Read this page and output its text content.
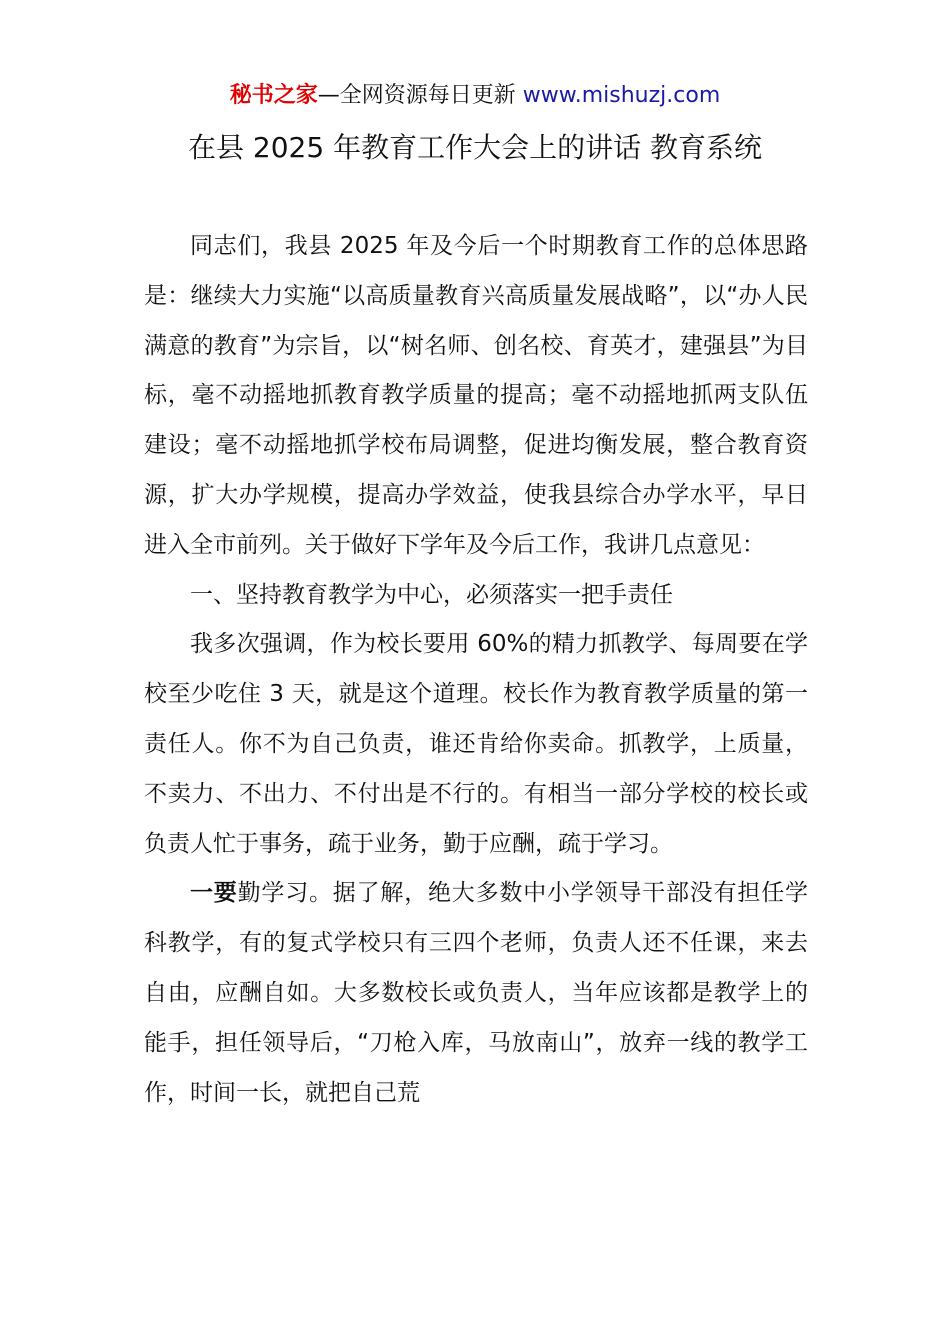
秘书之家—全网资源每日更新 www.mishuzj.com
在县 2025 年教育工作大会上的讲话 教育系统

同志们，我县 2025 年及今后一个时期教育工作的总体思路是：继续大力实施“以高质量教育兴高质量发展战略”，以“办人民满意的教育”为宗旨，以“树名师、创名校、育英才，建强县”为目标，毫不动摇地抓教育教学质量的提高；毫不动摇地抓两支队伍建设；毫不动摇地抓学校布局调整，促进均衡发展，整合教育资源，扩大办学规模，提高办学效益，使我县综合办学水平，早日进入全市前列。关于做好下学年及今后工作，我讲几点意见：

一、坚持教育教学为中心，必须落实一把手责任

我多次强调，作为校长要用 60%的精力抓教学、每周要在学校至少吃住 3 天，就是这个道理。校长作为教育教学质量的第一责任人。你不为自己负责，谁还肯给你卖命。抓教学，上质量，不卖力、不出力、不付出是不行的。有相当一部分学校的校长或负责人忙于事务，疏于业务，勤于应酬，疏于学习。

一要勤学习。据了解，绝大多数中小学领导干部没有担任学科教学，有的复式学校只有三四个老师，负责人还不任课，来去自由，应酬自如。大多数校长或负责人，当年应该都是教学上的能手，担任领导后，“刀枪入库，马放南山”，放弃一线的教学工作，时间一长，就把自己荒
